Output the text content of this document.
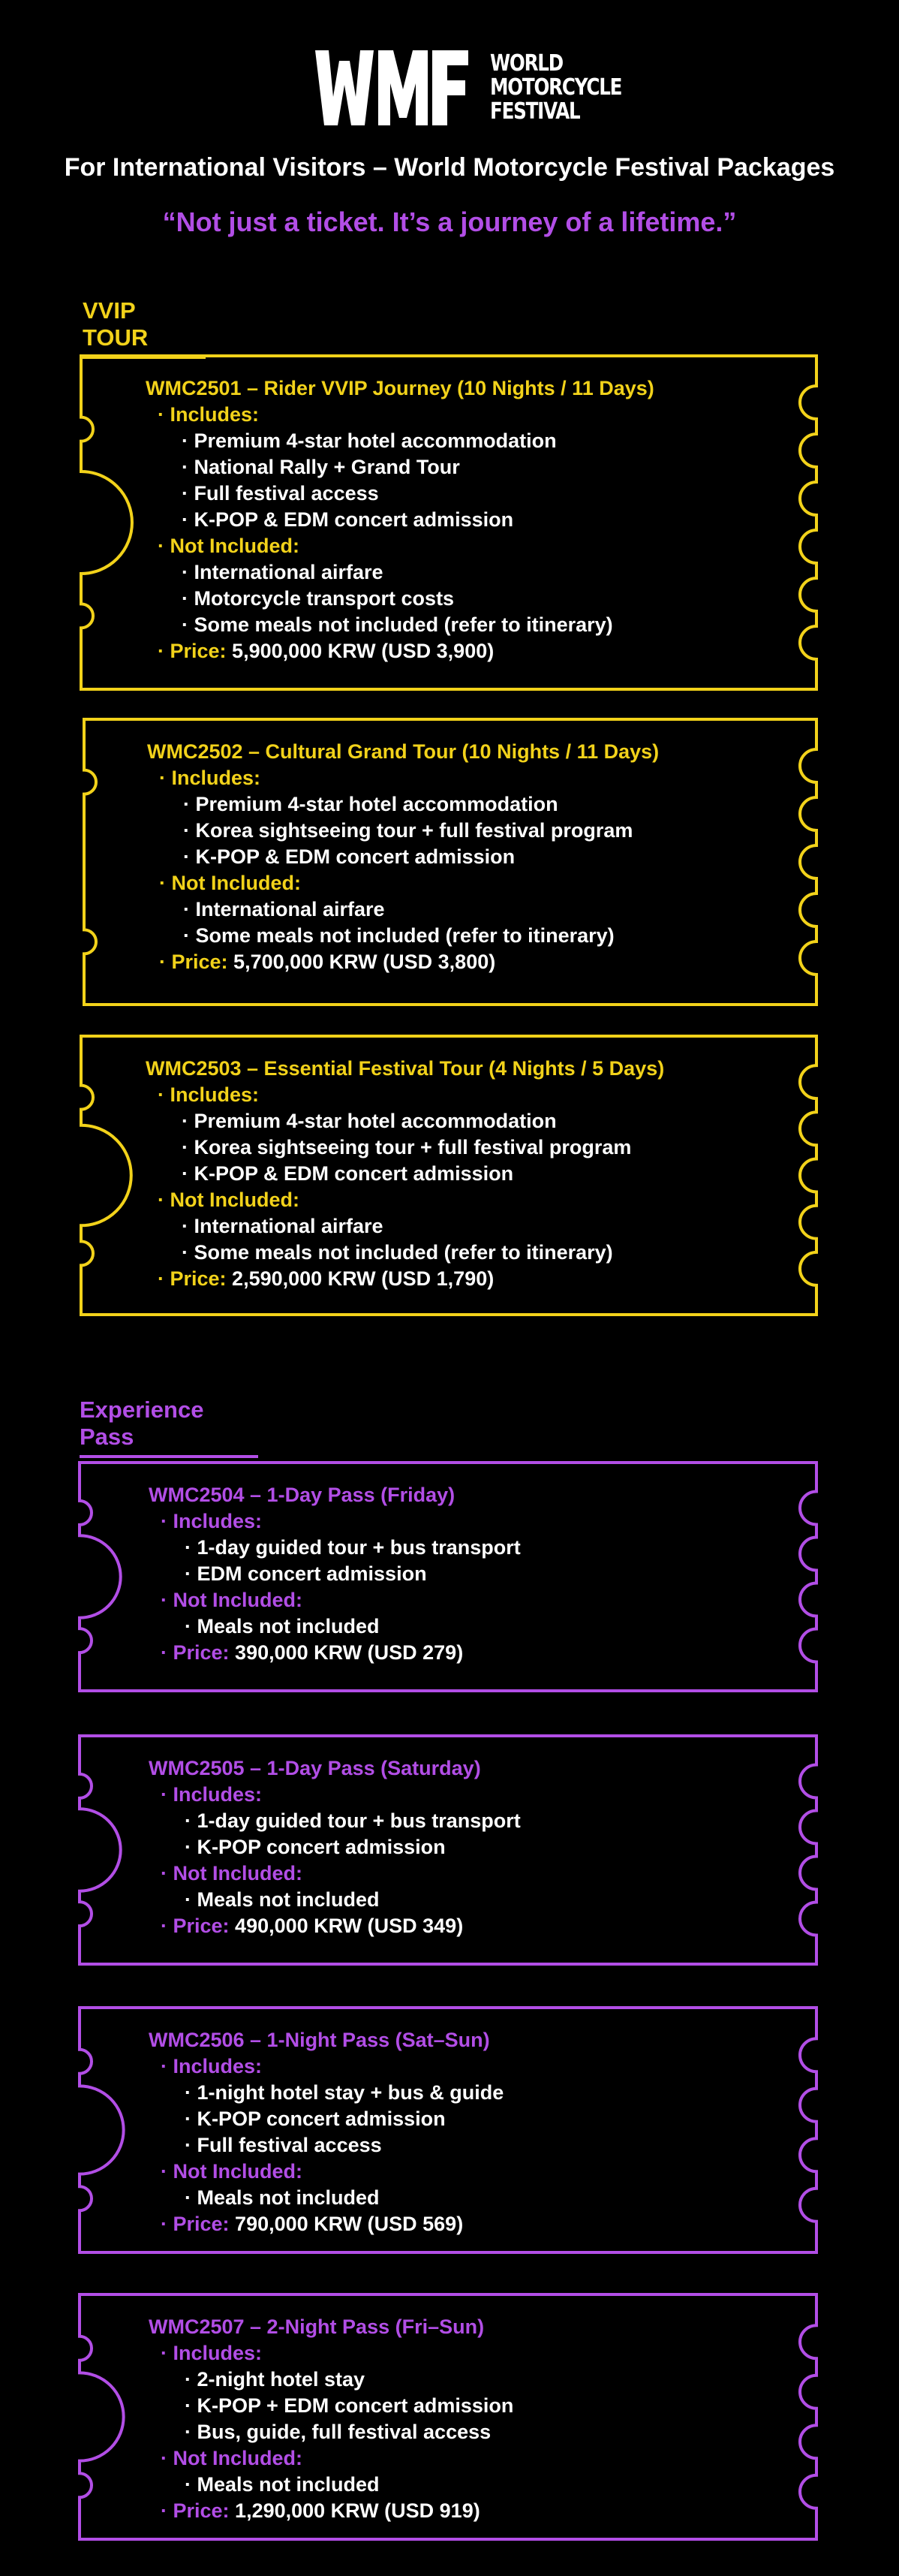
WORLD
MOTORCYCLE
FESTIVAL
For International Visitors – World Motorcycle Festival Packages
“Not just a ticket. It’s a journey of a lifetime.”
VVIP TOUR
Experience Pass
WMC2501 – Rider VVIP Journey (10 Nights / 11 Days)
· Includes:
· Premium 4-star hotel accommodation
· National Rally + Grand Tour
· Full festival access
· K-POP & EDM concert admission
· Not Included:
· International airfare
· Motorcycle transport costs
· Some meals not included (refer to itinerary)
· Price: 5,900,000 KRW (USD 3,900)
WMC2502 – Cultural Grand Tour (10 Nights / 11 Days)
· Includes:
· Premium 4-star hotel accommodation
· Korea sightseeing tour + full festival program
· K-POP & EDM concert admission
· Not Included:
· International airfare
· Some meals not included (refer to itinerary)
· Price: 5,700,000 KRW (USD 3,800)
WMC2503 – Essential Festival Tour (4 Nights / 5 Days)
· Includes:
· Premium 4-star hotel accommodation
· Korea sightseeing tour + full festival program
· K-POP & EDM concert admission
· Not Included:
· International airfare
· Some meals not included (refer to itinerary)
· Price: 2,590,000 KRW (USD 1,790)
WMC2504 – 1-Day Pass (Friday)
· Includes:
· 1-day guided tour + bus transport
· EDM concert admission
· Not Included:
· Meals not included
· Price: 390,000 KRW (USD 279)
WMC2505 – 1-Day Pass (Saturday)
· Includes:
· 1-day guided tour + bus transport
· K-POP concert admission
· Not Included:
· Meals not included
· Price: 490,000 KRW (USD 349)
WMC2506 – 1-Night Pass (Sat–Sun)
· Includes:
· 1-night hotel stay + bus & guide
· K-POP concert admission
· Full festival access
· Not Included:
· Meals not included
· Price: 790,000 KRW (USD 569)
WMC2507 – 2-Night Pass (Fri–Sun)
· Includes:
· 2-night hotel stay
· K-POP + EDM concert admission
· Bus, guide, full festival access
· Not Included:
· Meals not included
· Price: 1,290,000 KRW (USD 919)
